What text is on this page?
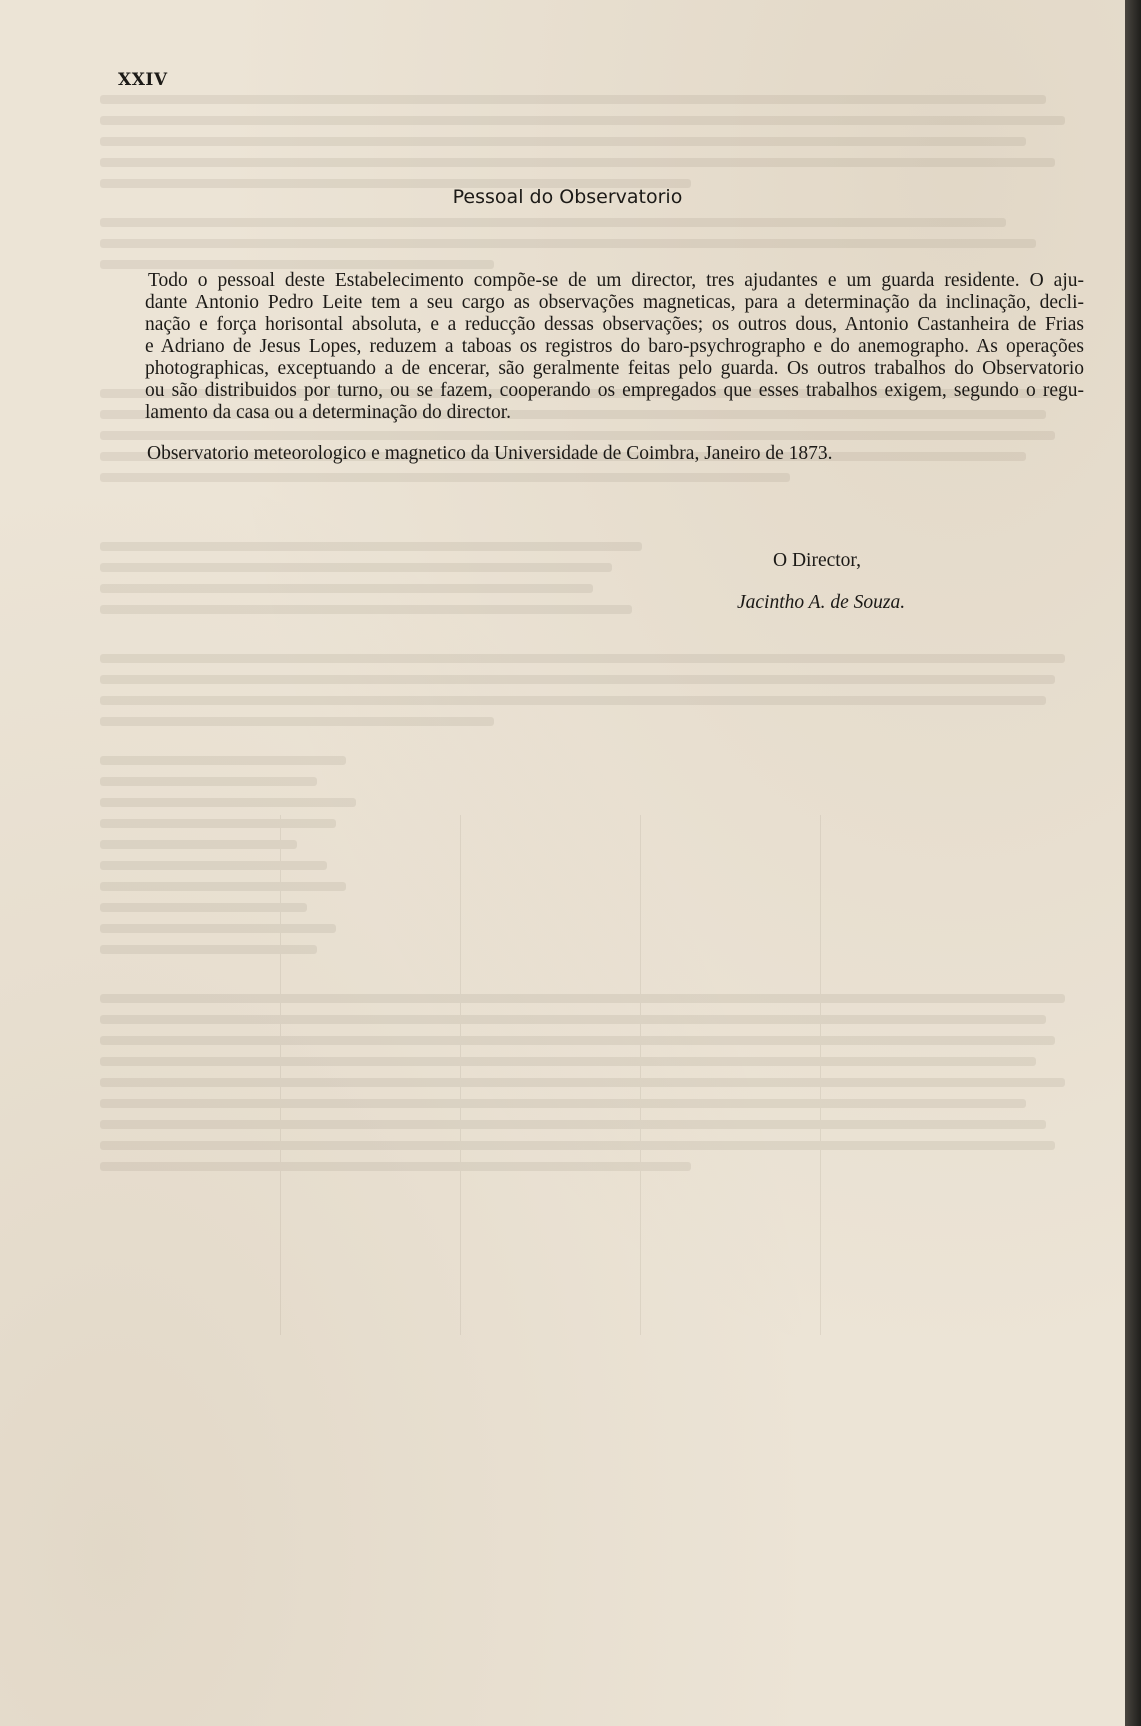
XXIV
Pessoal do Observatorio

Todo o pessoal deste Estabelecimento compõe-se de um director, tres ajudantes e um guarda residente. O aju-
dante Antonio Pedro Leite tem a seu cargo as observações magneticas, para a determinação da inclinação, decli-
nação e força horisontal absoluta, e a reducção dessas observações; os outros dous, Antonio Castanheira de Frias
e Adriano de Jesus Lopes, reduzem a taboas os registros do baro-psychrographo e do anemographo. As operações
photographicas, exceptuando a de encerar, são geralmente feitas pelo guarda. Os outros trabalhos do Observatorio
ou são distribuidos por turno, ou se fazem, cooperando os empregados que esses trabalhos exigem, segundo o regu-
lamento da casa ou a determinação do director.

Observatorio meteorologico e magnetico da Universidade de Coimbra, Janeiro de 1873.
O Director,
Jacintho A. de Souza.
